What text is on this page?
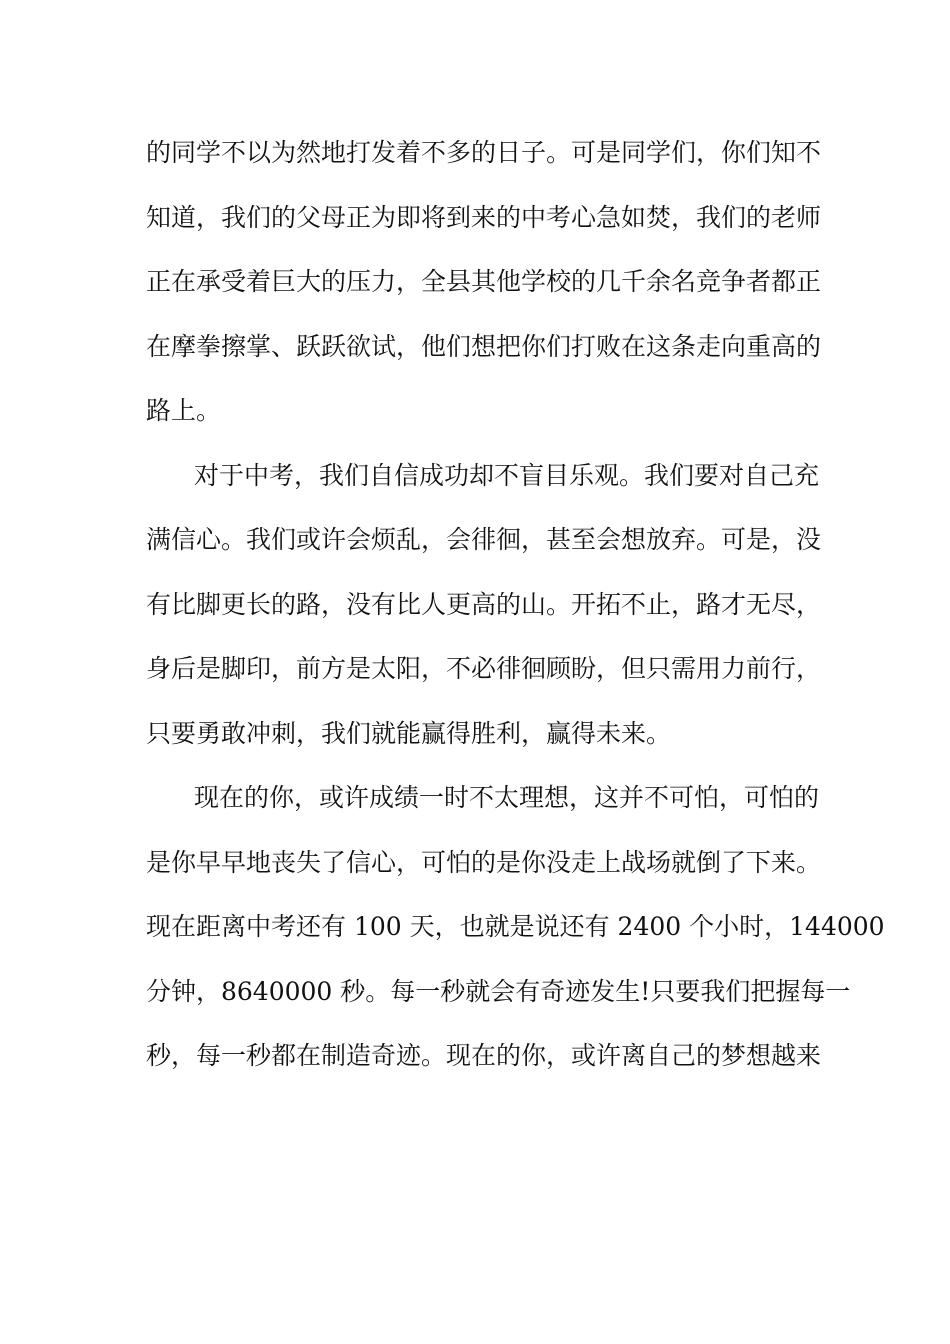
的同学不以为然地打发着不多的日子。可是同学们，你们知不
知道，我们的父母正为即将到来的中考心急如焚，我们的老师
正在承受着巨大的压力，全县其他学校的几千余名竞争者都正
在摩拳擦掌、跃跃欲试，他们想把你们打败在这条走向重高的
路上。
对于中考，我们自信成功却不盲目乐观。我们要对自己充
满信心。我们或许会烦乱，会徘徊，甚至会想放弃。可是，没
有比脚更长的路，没有比人更高的山。开拓不止，路才无尽，
身后是脚印，前方是太阳，不必徘徊顾盼，但只需用力前行，
只要勇敢冲刺，我们就能赢得胜利，赢得未来。
现在的你，或许成绩一时不太理想，这并不可怕，可怕的
是你早早地丧失了信心，可怕的是你没走上战场就倒了下来。
现在距离中考还有 100 天，也就是说还有 2400 个小时，144000
分钟，8640000 秒。每一秒就会有奇迹发生!只要我们把握每一
秒，每一秒都在制造奇迹。现在的你，或许离自己的梦想越来
